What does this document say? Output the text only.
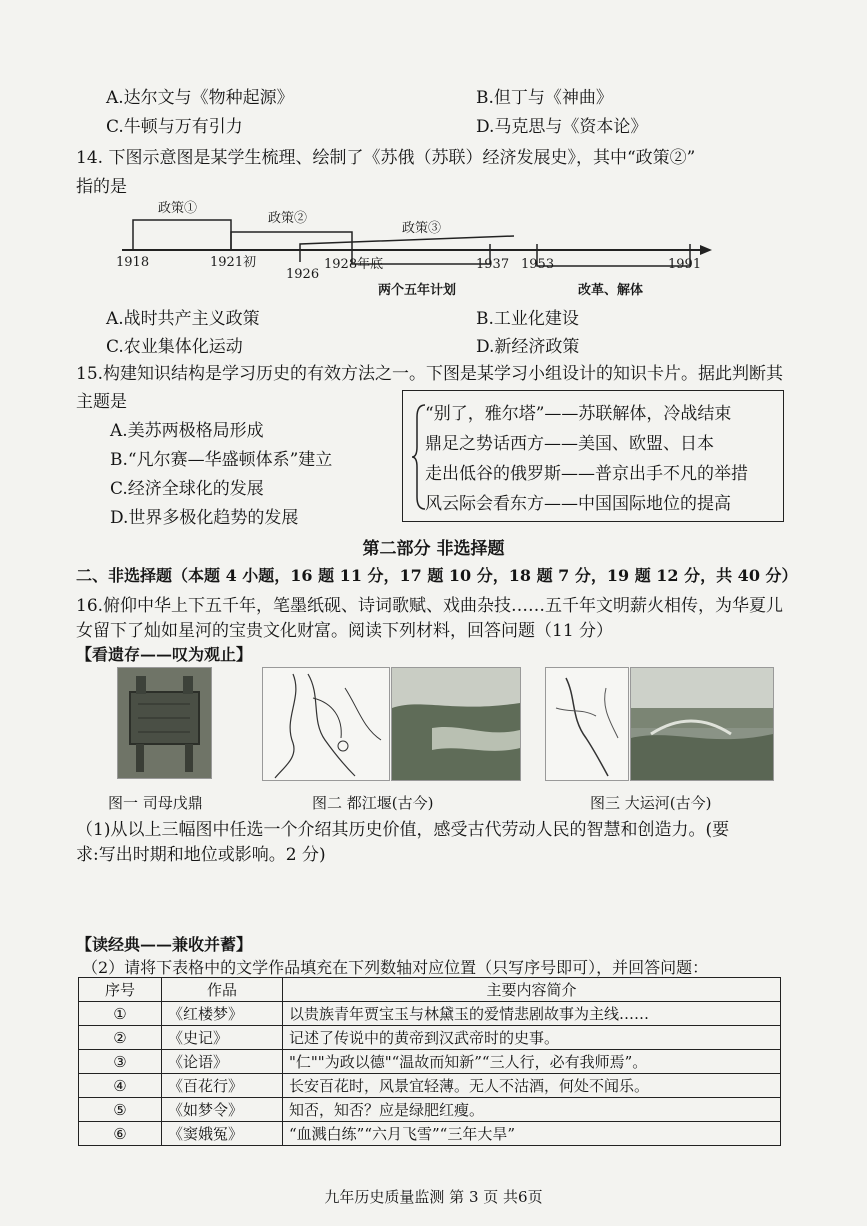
A.达尔文与《物种起源》	B.但丁与《神曲》
C.牛顿与万有引力	D.马克思与《资本论》
14. 下图示意图是某学生梳理、绘制了《苏俄（苏联）经济发展史》，其中“政策②”
指的是
政策①
政策②
政策③
1918	1921初
1926
1928年底	1937 1953	1991
两个五年计划	改革、解体
A.战时共产主义政策	B.工业化建设
C.农业集体化运动	D.新经济政策
15.构建知识结构是学习历史的有效方法之一。下图是某学习小组设计的知识卡片。据此判断其
主题是
A.美苏两极格局形成
B.“凡尔赛—华盛顿体系”建立
C.经济全球化的发展
D.世界多极化趋势的发展
“别了，雅尔塔”——苏联解体，冷战结束
鼎足之势话西方——美国、欧盟、日本
走出低谷的俄罗斯——普京出手不凡的举措
风云际会看东方——中国国际地位的提高
第二部分 非选择题
二、非选择题（本题 4 小题，16 题 11 分，17 题 10 分，18 题 7 分，19 题 12 分，共 40 分）
16.俯仰中华上下五千年，笔墨纸砚、诗词歌赋、戏曲杂技……五千年文明薪火相传，为华夏儿
女留下了灿如星河的宝贵文化财富。阅读下列材料，回答问题（11 分）
【看遗存——叹为观止】
图一 司母戊鼎	图二 都江堰(古今)	图三 大运河(古今)
（1)从以上三幅图中任选一个介绍其历史价值，感受古代劳动人民的智慧和创造力。(要
求:写出时期和地位或影响。2 分)
【读经典——兼收并蓄】
（2）请将下表格中的文学作品填充在下列数轴对应位置（只写序号即可），并回答问题：
序号	作品	主要内容简介
①	《红楼梦》	以贵族青年贾宝玉与林黛玉的爱情悲剧故事为主线……
②	《史记》	记述了传说中的黄帝到汉武帝时的史事。
③	《论语》	"仁""为政以德"“温故而知新”“三人行，必有我师焉”。
④	《百花行》	长安百花时，风景宜轻薄。无人不沽酒，何处不闻乐。
⑤	《如梦令》	知否，知否？应是绿肥红瘦。
⑥	《窦娥冤》	“血溅白练”“六月飞雪”“三年大旱”
九年历史质量监测 第 3 页 共6页
